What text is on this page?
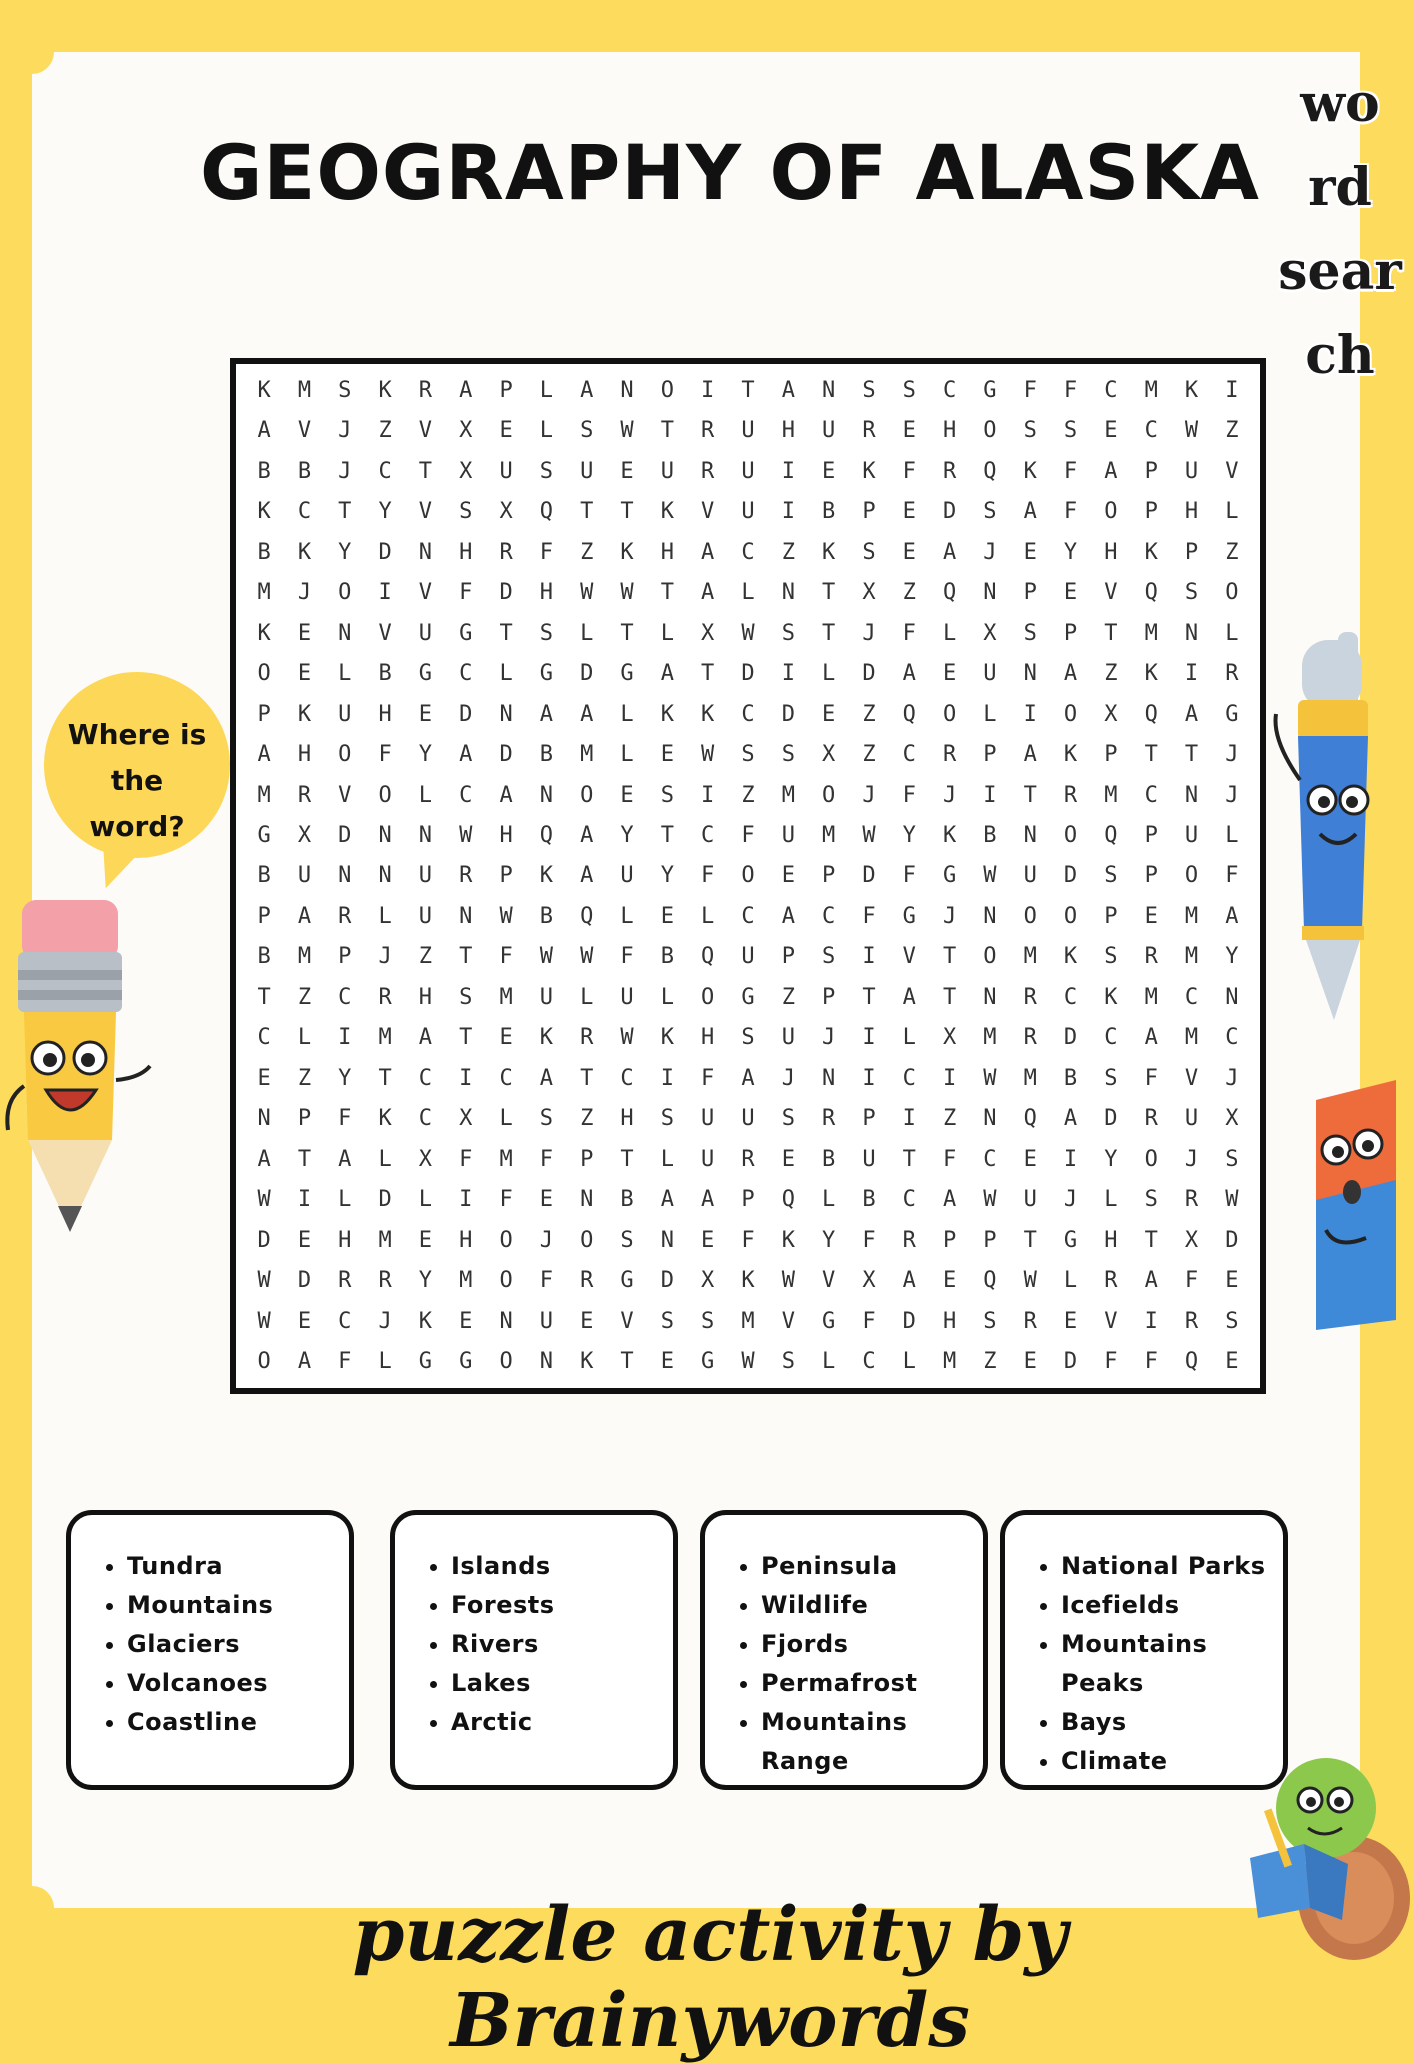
GEOGRAPHY OF ALASKA
wo
rd
sear
ch
Where is
the
word?
K	M	S	K	R	A	P	L	A	N	O	I	T	A	N	S	S	C	G	F	F	C	M	K	I
A	V	J	Z	V	X	E	L	S	W	T	R	U	H	U	R	E	H	O	S	S	E	C	W	Z
B	B	J	C	T	X	U	S	U	E	U	R	U	I	E	K	F	R	Q	K	F	A	P	U	V
K	C	T	Y	V	S	X	Q	T	T	K	V	U	I	B	P	E	D	S	A	F	O	P	H	L
B	K	Y	D	N	H	R	F	Z	K	H	A	C	Z	K	S	E	A	J	E	Y	H	K	P	Z
M	J	O	I	V	F	D	H	W	W	T	A	L	N	T	X	Z	Q	N	P	E	V	Q	S	O
K	E	N	V	U	G	T	S	L	T	L	X	W	S	T	J	F	L	X	S	P	T	M	N	L
O	E	L	B	G	C	L	G	D	G	A	T	D	I	L	D	A	E	U	N	A	Z	K	I	R
P	K	U	H	E	D	N	A	A	L	K	K	C	D	E	Z	Q	O	L	I	O	X	Q	A	G
A	H	O	F	Y	A	D	B	M	L	E	W	S	S	X	Z	C	R	P	A	K	P	T	T	J
M	R	V	O	L	C	A	N	O	E	S	I	Z	M	O	J	F	J	I	T	R	M	C	N	J
G	X	D	N	N	W	H	Q	A	Y	T	C	F	U	M	W	Y	K	B	N	O	Q	P	U	L
B	U	N	N	U	R	P	K	A	U	Y	F	O	E	P	D	F	G	W	U	D	S	P	O	F
P	A	R	L	U	N	W	B	Q	L	E	L	C	A	C	F	G	J	N	O	O	P	E	M	A
B	M	P	J	Z	T	F	W	W	F	B	Q	U	P	S	I	V	T	O	M	K	S	R	M	Y
T	Z	C	R	H	S	M	U	L	U	L	O	G	Z	P	T	A	T	N	R	C	K	M	C	N
C	L	I	M	A	T	E	K	R	W	K	H	S	U	J	I	L	X	M	R	D	C	A	M	C
E	Z	Y	T	C	I	C	A	T	C	I	F	A	J	N	I	C	I	W	M	B	S	F	V	J
N	P	F	K	C	X	L	S	Z	H	S	U	U	S	R	P	I	Z	N	Q	A	D	R	U	X
A	T	A	L	X	F	M	F	P	T	L	U	R	E	B	U	T	F	C	E	I	Y	O	J	S
W	I	L	D	L	I	F	E	N	B	A	A	P	Q	L	B	C	A	W	U	J	L	S	R	W
D	E	H	M	E	H	O	J	O	S	N	E	F	K	Y	F	R	P	P	T	G	H	T	X	D
W	D	R	R	Y	M	O	F	R	G	D	X	K	W	V	X	A	E	Q	W	L	R	A	F	E
W	E	C	J	K	E	N	U	E	V	S	S	M	V	G	F	D	H	S	R	E	V	I	R	S
O	A	F	L	G	G	O	N	K	T	E	G	W	S	L	C	L	M	Z	E	D	F	F	Q	E
• Tundra
• Mountains
• Glaciers
• Volcanoes
• Coastline
• Islands
• Forests
• Rivers
• Lakes
• Arctic
• Peninsula
• Wildlife
• Fjords
• Permafrost
• Mountains Range
• National Parks
• Icefields
• Mountains Peaks
• Bays
• Climate
puzzle activity by Brainywords
